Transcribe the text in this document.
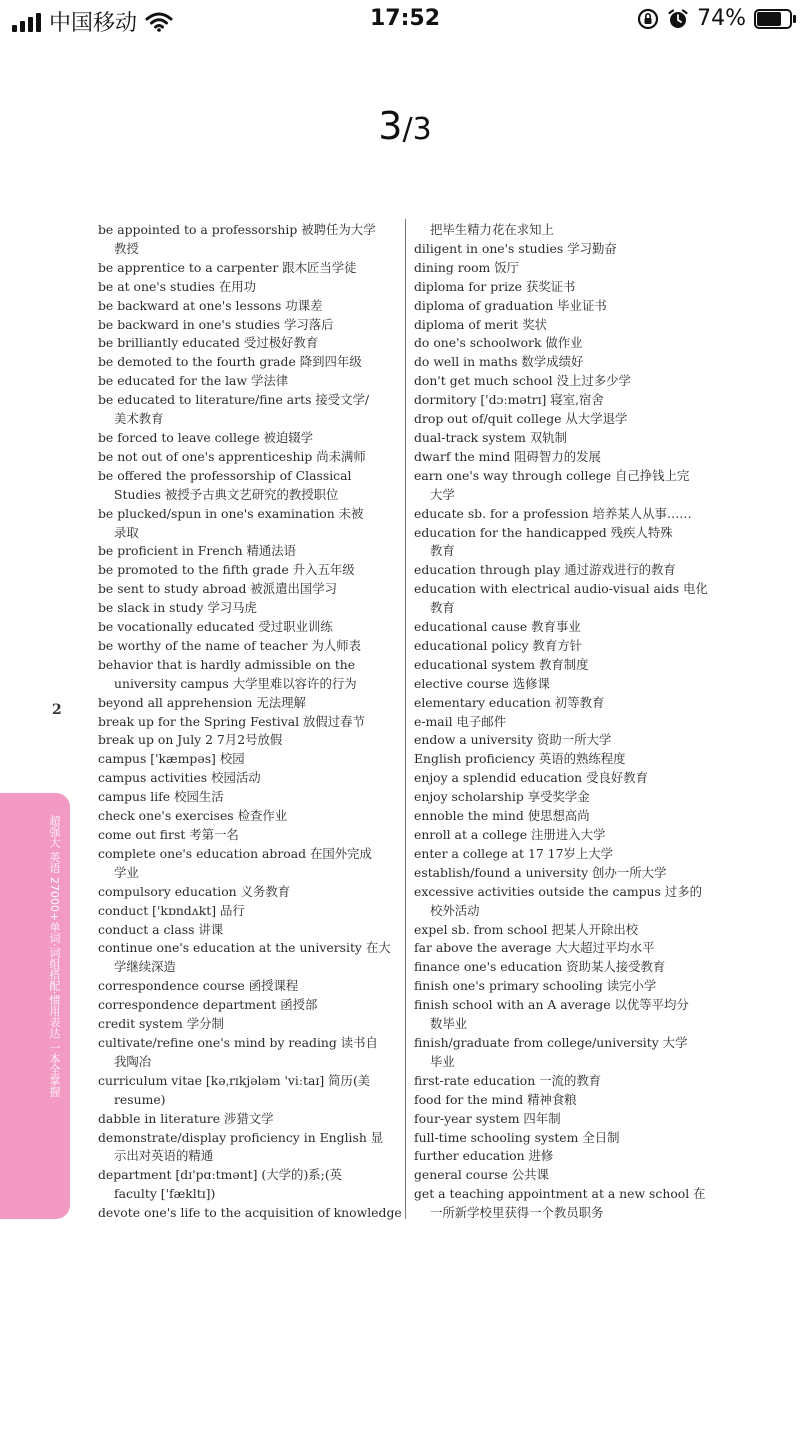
中国移动	17:52	74%
3/3
be appointed to a professorship 被聘任为大学
教授
be apprentice to a carpenter 跟木匠当学徒
be at one's studies 在用功
be backward at one's lessons 功课差
be backward in one's studies 学习落后
be brilliantly educated 受过极好教育
be demoted to the fourth grade 降到四年级
be educated for the law 学法律
be educated to literature/fine arts 接受文学/
美术教育
be forced to leave college 被迫辍学
be not out of one's apprenticeship 尚未满师
be offered the professorship of Classical
Studies 被授予古典文艺研究的教授职位
be plucked/spun in one's examination 未被
录取
be proficient in French 精通法语
be promoted to the fifth grade 升入五年级
be sent to study abroad 被派遣出国学习
be slack in study 学习马虎
be vocationally educated 受过职业训练
be worthy of the name of teacher 为人师表
behavior that is hardly admissible on the
university campus 大学里难以容许的行为
beyond all apprehension 无法理解
break up for the Spring Festival 放假过春节
break up on July 2 7月2号放假
campus ['kæmpəs] 校园
campus activities 校园活动
campus life 校园生活
check one's exercises 检查作业
come out first 考第一名
complete one's education abroad 在国外完成
学业
compulsory education 义务教育
conduct ['kɒndʌkt] 品行
conduct a class 讲课
continue one's education at the university 在大
学继续深造
correspondence course 函授课程
correspondence department 函授部
credit system 学分制
cultivate/refine one's mind by reading 读书自
我陶冶
curriculum vitae [kəˌrɪkjələm 'viːtaɪ] 简历(美
resume)
dabble in literature 涉猎文学
demonstrate/display proficiency in English 显
示出对英语的精通
department [dɪ'pɑːtmənt] (大学的)系;(英
faculty ['fækltɪ])
devote one's life to the acquisition of knowledge
把毕生精力花在求知上
diligent in one's studies 学习勤奋
dining room 饭厅
diploma for prize 获奖证书
diploma of graduation 毕业证书
diploma of merit 奖状
do one's schoolwork 做作业
do well in maths 数学成绩好
don't get much school 没上过多少学
dormitory ['dɔːmətrɪ] 寝室,宿舍
drop out of/quit college 从大学退学
dual-track system 双轨制
dwarf the mind 阻碍智力的发展
earn one's way through college 自己挣钱上完
大学
educate sb. for a profession 培养某人从事……
education for the handicapped 残疾人特殊
教育
education through play 通过游戏进行的教育
education with electrical audio-visual aids 电化
教育
educational cause 教育事业
educational policy 教育方针
educational system 教育制度
elective course 选修课
elementary education 初等教育
e-mail 电子邮件
endow a university 资助一所大学
English proficiency 英语的熟练程度
enjoy a splendid education 受良好教育
enjoy scholarship 享受奖学金
ennoble the mind 使思想高尚
enroll at a college 注册进入大学
enter a college at 17 17岁上大学
establish/found a university 创办一所大学
excessive activities outside the campus 过多的
校外活动
expel sb. from school 把某人开除出校
far above the average 大大超过平均水平
finance one's education 资助某人接受教育
finish one's primary schooling 读完小学
finish school with an A average 以优等平均分
数毕业
finish/graduate from college/university 大学
毕业
first-rate education 一流的教育
food for the mind 精神食粮
four-year system 四年制
full-time schooling system 全日制
further education 进修
general course 公共课
get a teaching appointment at a new school 在
一所新学校里获得一个教员职务
2
超强大 英语 27000+单词·词组搭配·惯用表达 一本全掌握
